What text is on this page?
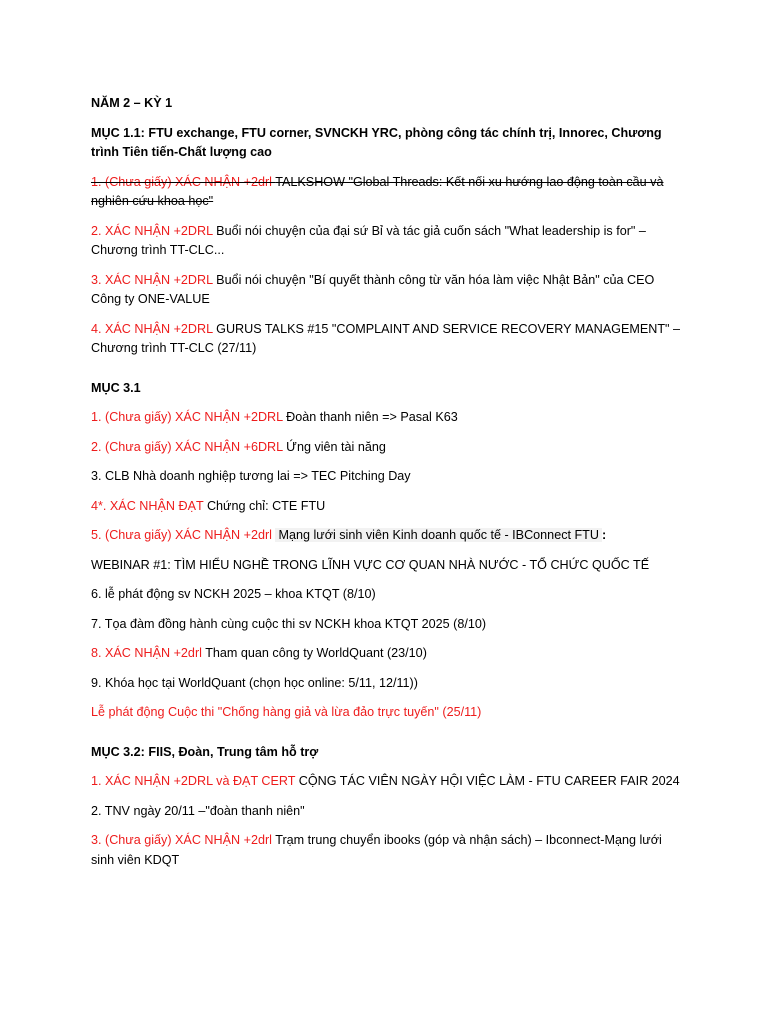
NĂM 2 – KỲ 1

MỤC 1.1: FTU exchange, FTU corner, SVNCKH YRC, phòng công tác chính trị, Innorec, Chương trình Tiên tiến-Chất lượng cao

1. (Chưa giấy) XÁC NHẬN +2drl TALKSHOW "Global Threads: Kết nối xu hướng lao động toàn cầu và nghiên cứu khoa học"

2. XÁC NHẬN +2DRL Buổi nói chuyện của đại sứ Bỉ và tác giả cuốn sách "What leadership is for" – Chương trình TT-CLC...

3. XÁC NHẬN +2DRL Buổi nói chuyện "Bí quyết thành công từ văn hóa làm việc Nhật Bản" của CEO Công ty ONE-VALUE

4. XÁC NHẬN +2DRL GURUS TALKS #15 "COMPLAINT AND SERVICE RECOVERY MANAGEMENT" – Chương trình TT-CLC (27/11)

MỤC 3.1

1. (Chưa giấy) XÁC NHẬN +2DRL Đoàn thanh niên => Pasal K63

2. (Chưa giấy) XÁC NHẬN +6DRL Ứng viên tài năng

3. CLB Nhà doanh nghiệp tương lai => TEC Pitching Day

4*. XÁC NHẬN ĐẠT Chứng chỉ: CTE FTU

5. (Chưa giấy) XÁC NHẬN +2drl Mạng lưới sinh viên Kinh doanh quốc tế - IBConnect FTU :

WEBINAR #1: TÌM HIỂU NGHỀ TRONG LĨNH VỰC CƠ QUAN NHÀ NƯỚC - TỔ CHỨC QUỐC TẾ

6. lễ phát động sv NCKH 2025 – khoa KTQT (8/10)

7. Tọa đàm đồng hành cùng cuộc thi sv NCKH khoa KTQT 2025 (8/10)

8. XÁC NHẬN +2drl Tham quan công ty WorldQuant (23/10)

9. Khóa học tại WorldQuant (chọn học online: 5/11, 12/11))

Lễ phát động Cuộc thi "Chống hàng giả và lừa đảo trực tuyến" (25/11)

MỤC 3.2: FIIS, Đoàn, Trung tâm hỗ trợ

1. XÁC NHẬN +2DRL và ĐẠT CERT CỘNG TÁC VIÊN NGÀY HỘI VIỆC LÀM - FTU CAREER FAIR 2024

2. TNV ngày 20/11 –"đoàn thanh niên"

3. (Chưa giấy) XÁC NHẬN +2drl Trạm trung chuyển ibooks (góp và nhận sách) – Ibconnect-Mạng lưới sinh viên KDQT
